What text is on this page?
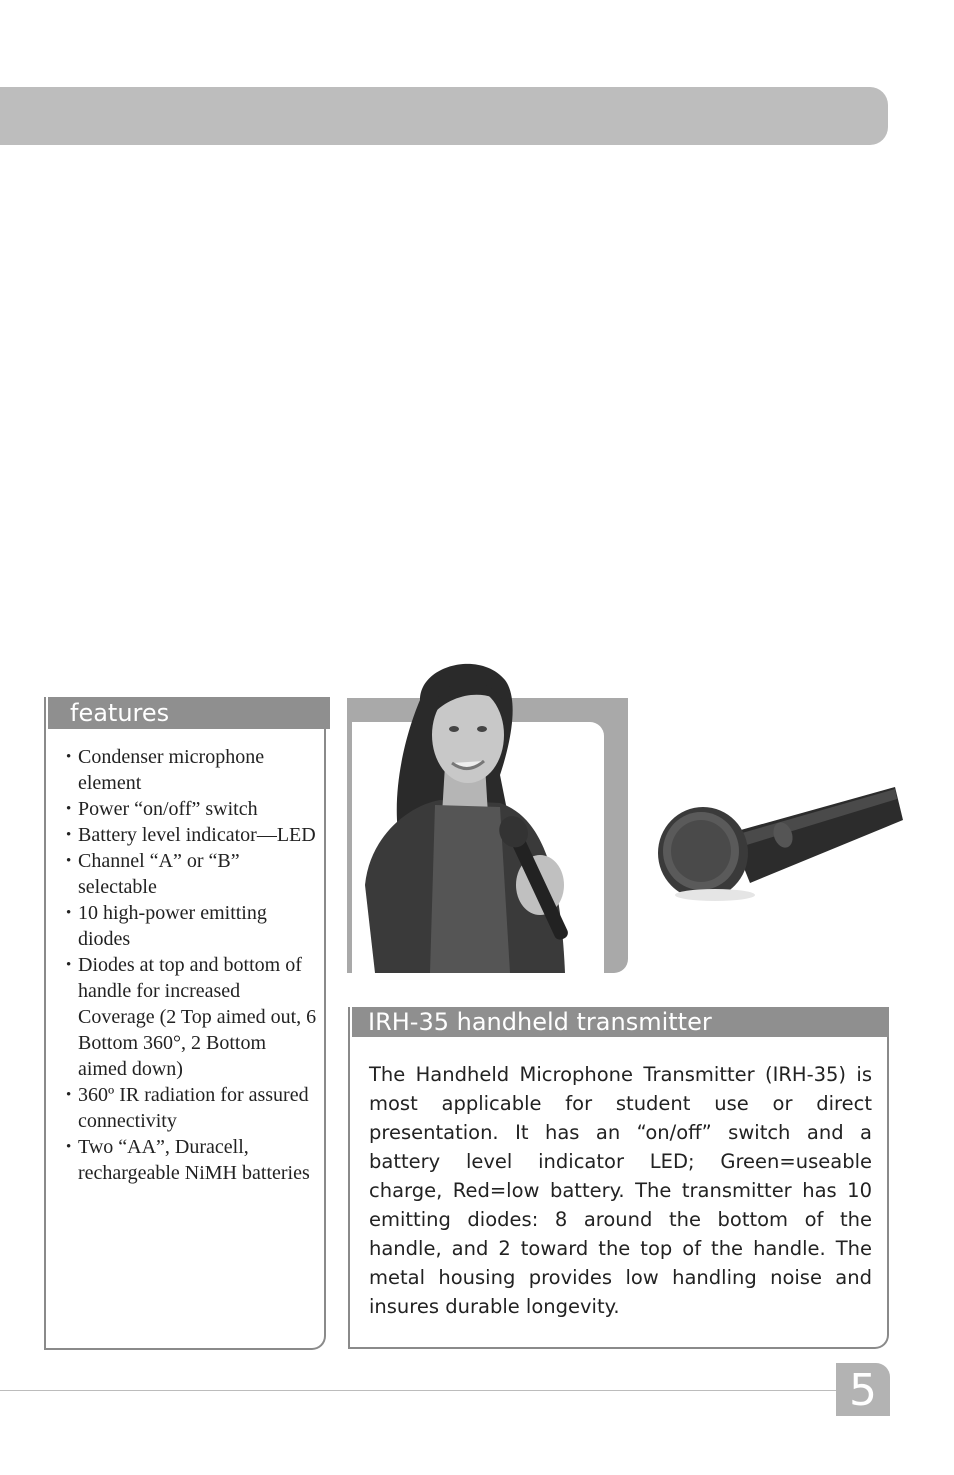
features
• Condenser microphone element
• Power “on/off” switch
• Battery level indicator—LED
• Channel “A” or “B” selectable
• 10 high-power emitting diodes
• Diodes at top and bottom of handle for increased Coverage (2 Top aimed out, 6 Bottom 360°, 2 Bottom aimed down)
• 360º IR radiation for assured connectivity
• Two “AA”, Duracell, rechargeable NiMH batteries
IRH-35 handheld transmitter

The Handheld Microphone Transmitter (IRH-35) is most applicable for student use or direct presentation. It has an “on/off” switch and a battery level indicator LED; Green=useable charge, Red=low battery. The transmitter has 10 emitting diodes: 8 around the bottom of the handle, and 2 toward the top of the handle. The metal housing provides low handling noise and insures durable longevity.

5
